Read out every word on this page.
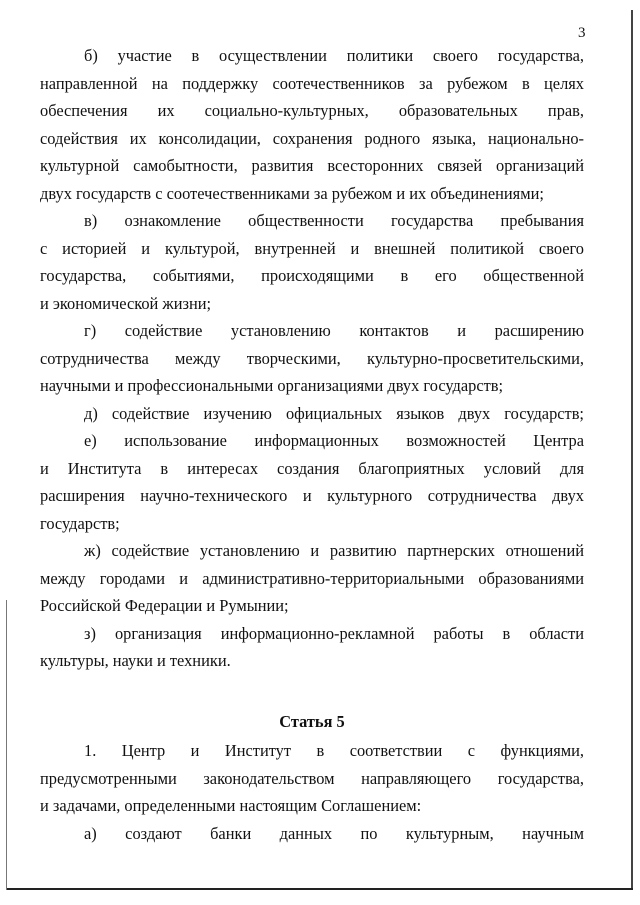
3

б) участие в осуществлении политики своего государства,

направленной на поддержку соотечественников за рубежом в целях

обеспечения их социально-культурных, образовательных прав,

содействия их консолидации, сохранения родного языка, национально-

культурной самобытности, развития всесторонних связей организаций

двух государств с соотечественниками за рубежом и их объединениями;

в) ознакомление общественности государства пребывания

с историей и культурой, внутренней и внешней политикой своего

государства, событиями, происходящими в его общественной

и экономической жизни;

г) содействие установлению контактов и расширению

сотрудничества между творческими, культурно-просветительскими,

научными и профессиональными организациями двух государств;

д) содействие изучению официальных языков двух государств;

е) использование информационных возможностей Центра

и Института в интересах создания благоприятных условий для

расширения научно-технического и культурного сотрудничества двух

государств;

ж) содействие установлению и развитию партнерских отношений

между городами и административно-территориальными образованиями

Российской Федерации и Румынии;

з) организация информационно-рекламной работы в области

культуры, науки и техники.

Статья 5

1. Центр и Институт в соответствии с функциями,

предусмотренными законодательством направляющего государства,

и задачами, определенными настоящим Соглашением:

а) создают банки данных по культурным, научным
